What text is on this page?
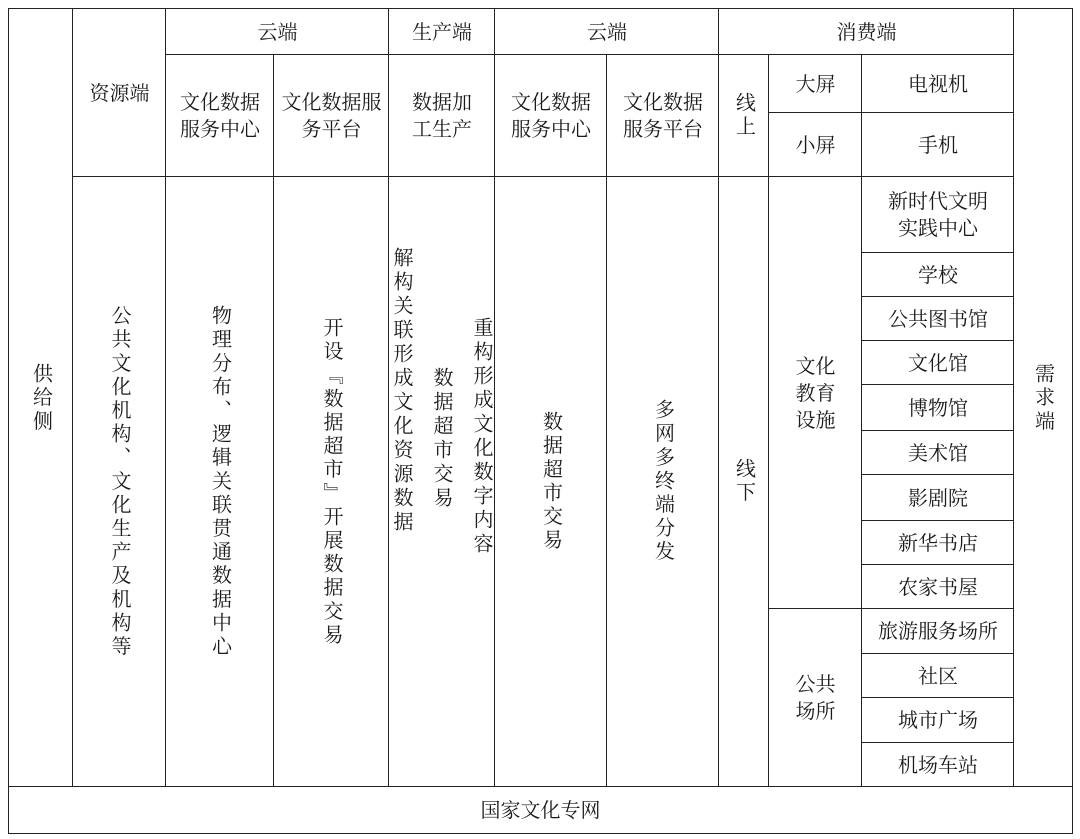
供给侧
资源端
公共文化机构、文化生产及机构等
云端
文化数据
服务中心
文化数据服
务平台
物理分布、逻辑关联贯通数据中心	开设『数据超市』开展数据交易
生产端
数据加
工生产
重构形成文化数字内容
数据超市交易
解构关联形成文化资源数据
云端
文化数据
服务中心
文化数据
服务平台
数据超市交易	多网多终端分发
消费端
线上
大屏
小屏
电视机
手机
线下
文化
教育
设施
公共
场所
新时代文明
实践中心
学校
公共图书馆
文化馆
博物馆
美术馆
影剧院
新华书店
农家书屋
旅游服务场所
社区
城市广场
机场车站
需求端
国家文化专网
